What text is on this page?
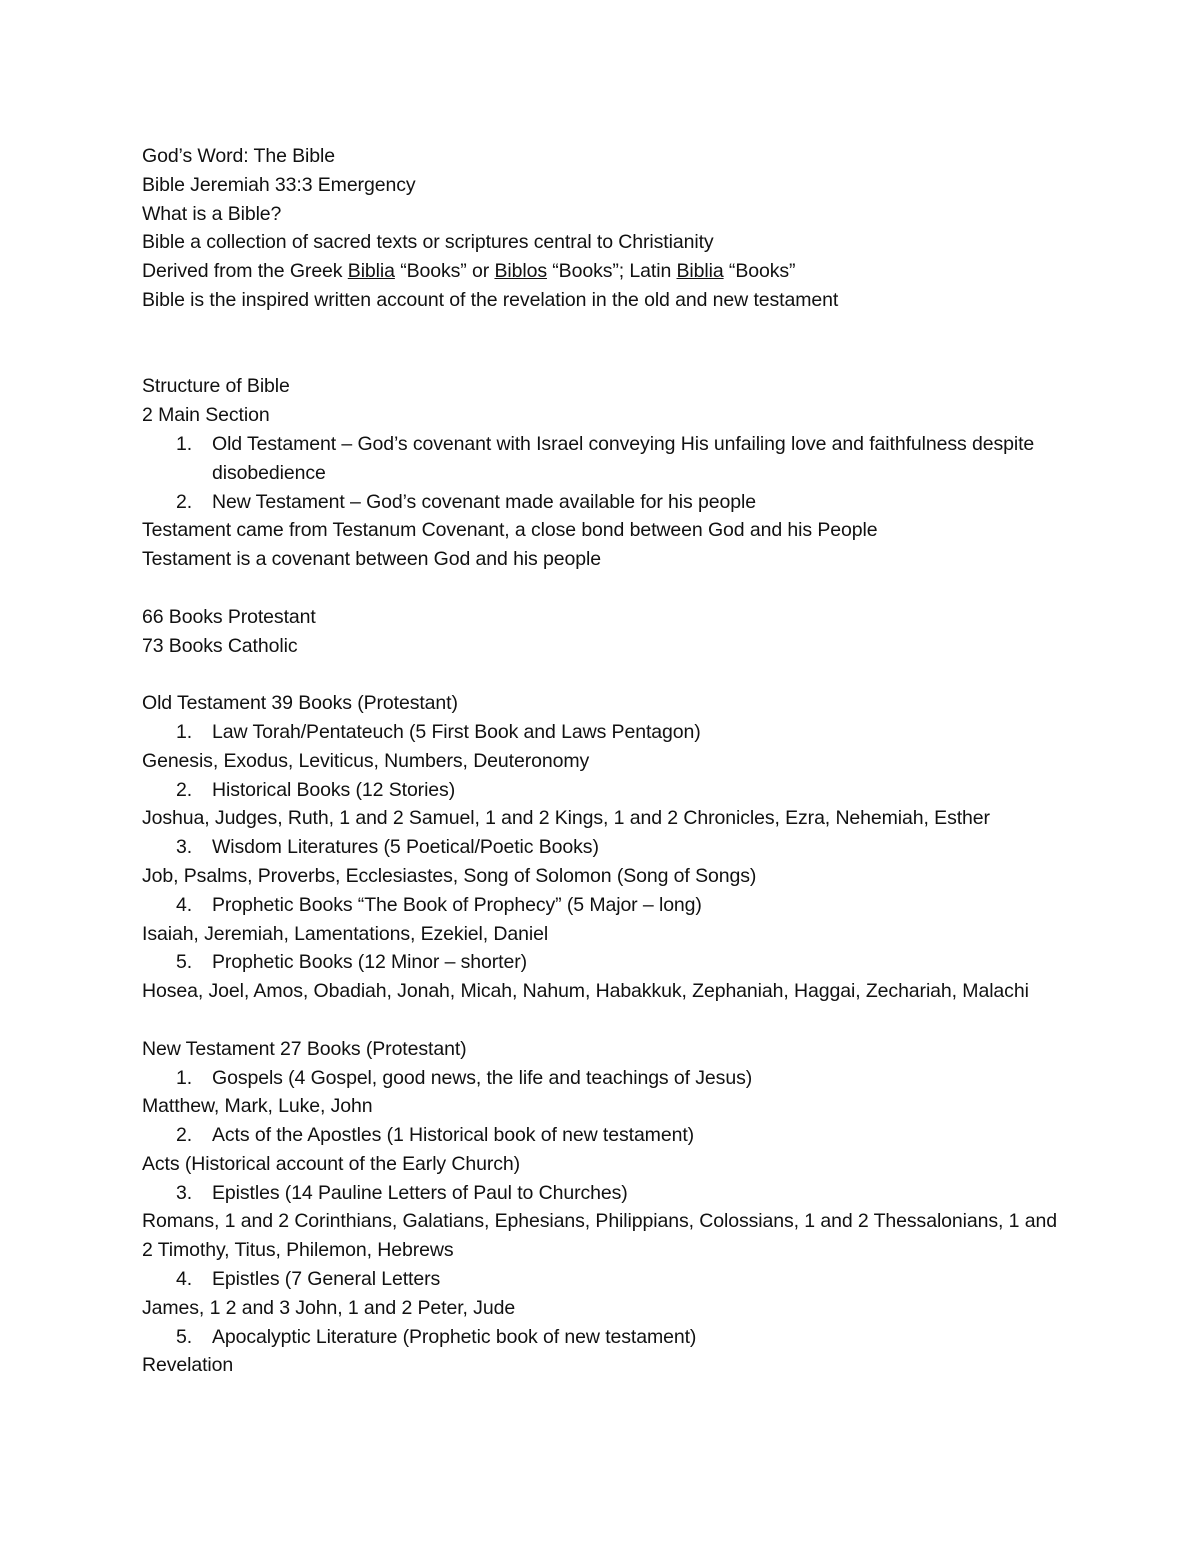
God’s Word: The Bible
Bible Jeremiah 33:3 Emergency
What is a Bible?
Bible a collection of sacred texts or scriptures central to Christianity
Derived from the Greek Biblia “Books” or Biblos “Books”; Latin Biblia “Books”
Bible is the inspired written account of the revelation in the old and new testament
Structure of Bible
2 Main Section
1. Old Testament – God’s covenant with Israel conveying His unfailing love and faithfulness despite disobedience
2. New Testament – God’s covenant made available for his people
Testament came from Testanum Covenant, a close bond between God and his People
Testament is a covenant between God and his people
66 Books Protestant
73 Books Catholic
Old Testament 39 Books (Protestant)
1. Law Torah/Pentateuch (5 First Book and Laws Pentagon)
Genesis, Exodus, Leviticus, Numbers, Deuteronomy
2. Historical Books (12 Stories)
Joshua, Judges, Ruth, 1 and 2 Samuel, 1 and 2 Kings, 1 and 2 Chronicles, Ezra, Nehemiah, Esther
3. Wisdom Literatures (5 Poetical/Poetic Books)
Job, Psalms, Proverbs, Ecclesiastes, Song of Solomon (Song of Songs)
4. Prophetic Books “The Book of Prophecy” (5 Major – long)
Isaiah, Jeremiah, Lamentations, Ezekiel, Daniel
5. Prophetic Books (12 Minor – shorter)
Hosea, Joel, Amos, Obadiah, Jonah, Micah, Nahum, Habakkuk, Zephaniah, Haggai, Zechariah, Malachi
New Testament 27 Books (Protestant)
1. Gospels (4 Gospel, good news, the life and teachings of Jesus)
Matthew, Mark, Luke, John
2. Acts of the Apostles (1 Historical book of new testament)
Acts (Historical account of the Early Church)
3. Epistles (14 Pauline Letters of Paul to Churches)
Romans, 1 and 2 Corinthians, Galatians, Ephesians, Philippians, Colossians, 1 and 2 Thessalonians, 1 and 2 Timothy, Titus, Philemon, Hebrews
4. Epistles (7 General Letters
James, 1 2 and 3 John, 1 and 2 Peter, Jude
5. Apocalyptic Literature (Prophetic book of new testament)
Revelation
